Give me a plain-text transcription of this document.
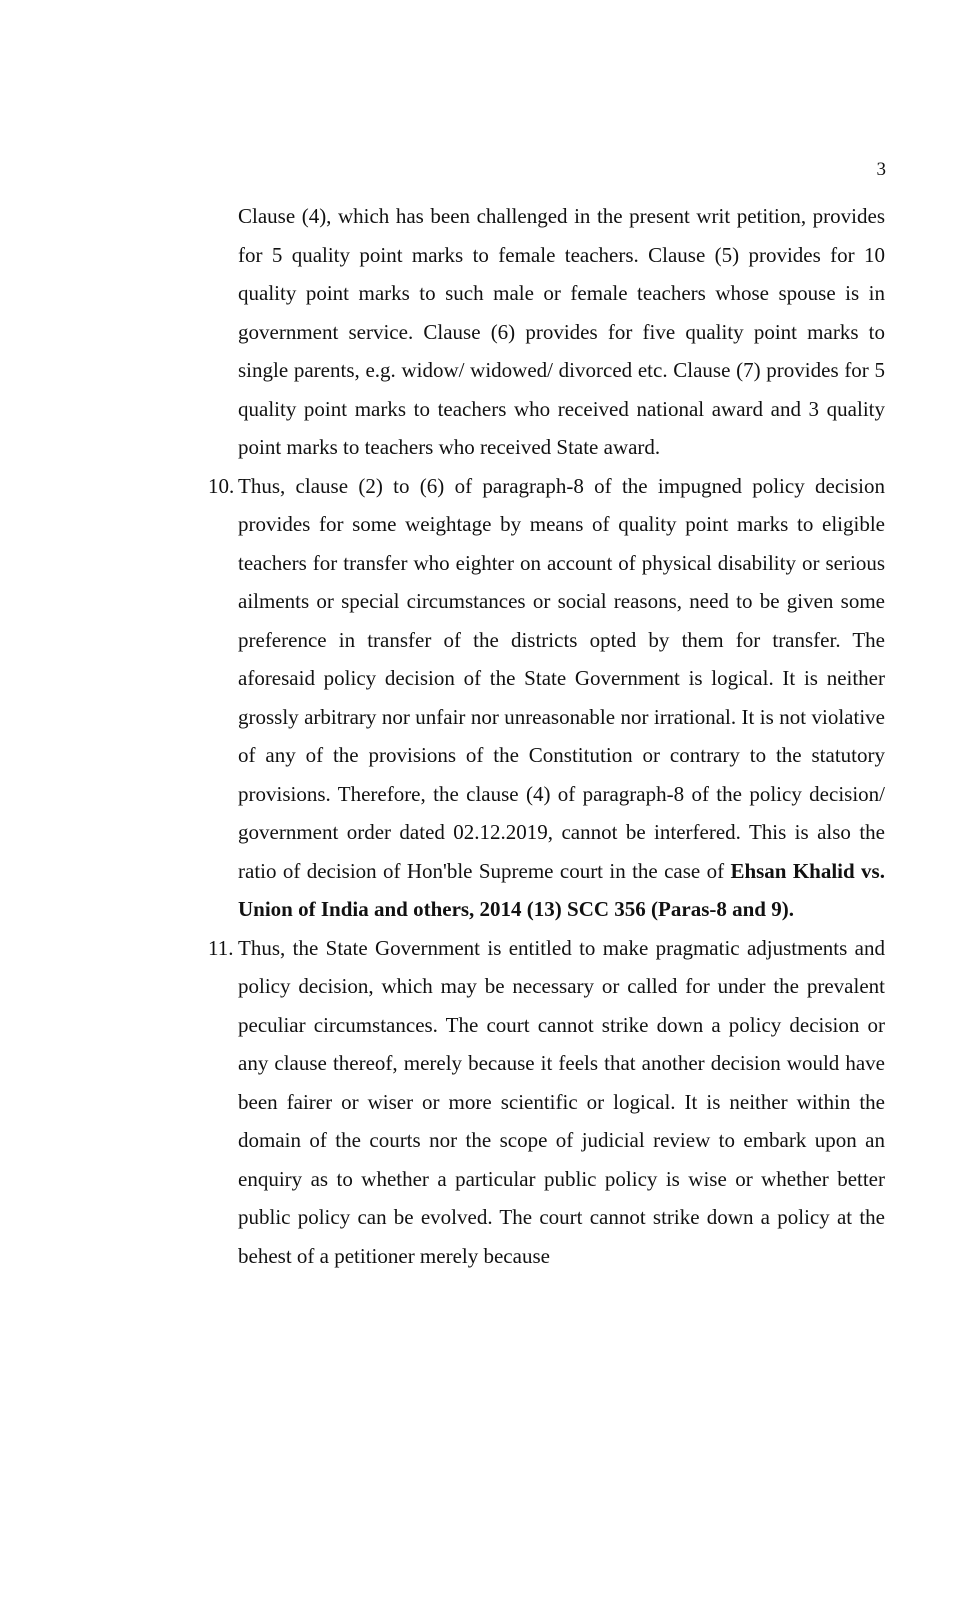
3

Clause (4), which has been challenged in the present writ petition, provides for 5 quality point marks to female teachers. Clause (5) provides for 10 quality point marks to such male or female teachers whose spouse is in government service. Clause (6) provides for five quality point marks to single parents, e.g. widow/ widowed/ divorced etc. Clause (7) provides for 5 quality point marks to teachers who received national award and 3 quality point marks to teachers who received State award.

10. Thus, clause (2) to (6) of paragraph-8 of the impugned policy decision provides for some weightage by means of quality point marks to eligible teachers for transfer who eighter on account of physical disability or serious ailments or special circumstances or social reasons, need to be given some preference in transfer of the districts opted by them for transfer. The aforesaid policy decision of the State Government is logical. It is neither grossly arbitrary nor unfair nor unreasonable nor irrational. It is not violative of any of the provisions of the Constitution or contrary to the statutory provisions. Therefore, the clause (4) of paragraph-8 of the policy decision/ government order dated 02.12.2019, cannot be interfered. This is also the ratio of decision of Hon'ble Supreme court in the case of Ehsan Khalid vs. Union of India and others, 2014 (13) SCC 356 (Paras-8 and 9).

11. Thus, the State Government is entitled to make pragmatic adjustments and policy decision, which may be necessary or called for under the prevalent peculiar circumstances. The court cannot strike down a policy decision or any clause thereof, merely because it feels that another decision would have been fairer or wiser or more scientific or logical. It is neither within the domain of the courts nor the scope of judicial review to embark upon an enquiry as to whether a particular public policy is wise or whether better public policy can be evolved. The court cannot strike down a policy at the behest of a petitioner merely because
